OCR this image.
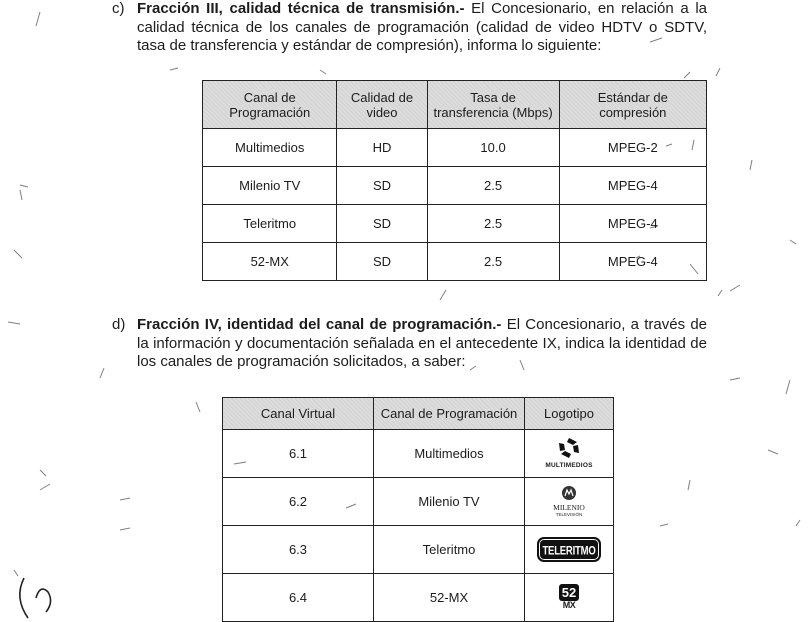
c) Fracción III, calidad técnica de transmisión.- El Concesionario, en relación a la calidad técnica de los canales de programación (calidad de video HDTV o SDTV, tasa de transferencia y estándar de compresión), informa lo siguiente:
Canal de Programación	Calidad de video	Tasa de transferencia (Mbps)	Estándar de compresión
Multimedios	HD	10.0	MPEG-2
Milenio TV	SD	2.5	MPEG-4
Teleritmo	SD	2.5	MPEG-4
52-MX	SD	2.5	MPEG-4
d) Fracción IV, identidad del canal de programación.- El Concesionario, a través de la información y documentación señalada en el antecedente IX, indica la identidad de los canales de programación solicitados, a saber:
Canal Virtual	Canal de Programación	Logotipo
6.1	Multimedios	MULTIMEDIOS

6.2	Milenio TV	MILENIO
TELEVISIÓN

6.3	Teleritmo	TELERITMO
6.4	52-MX	52
MX
